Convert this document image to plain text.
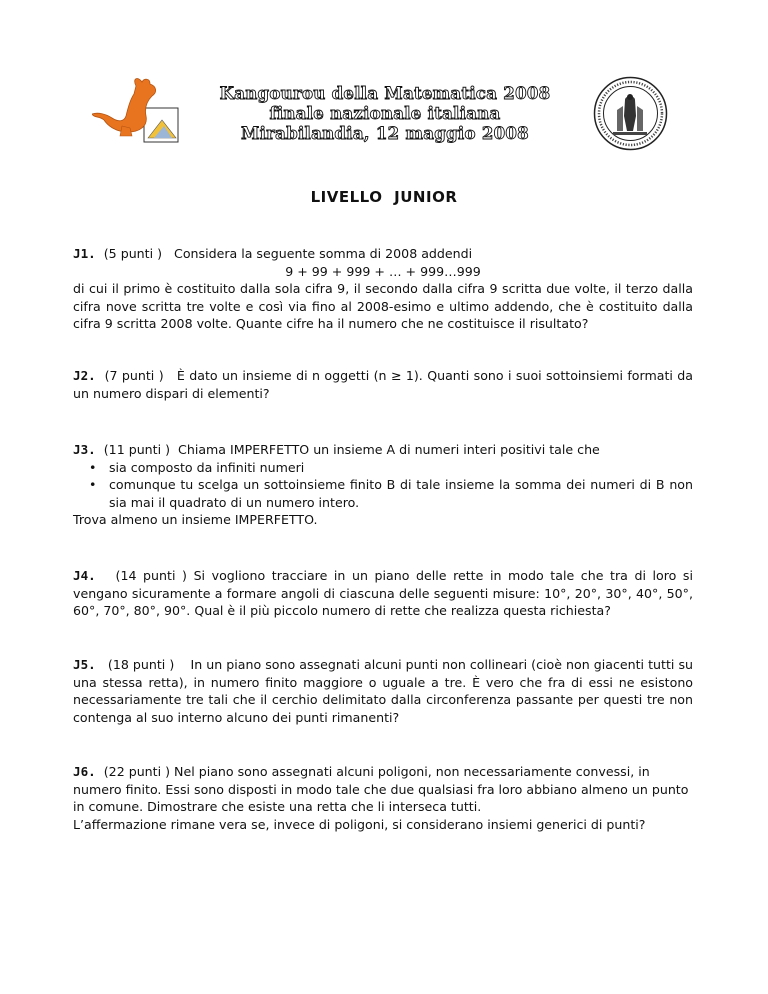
Kangourou della Matematica 2008
finale nazionale italiana
Mirabilandia, 12 maggio 2008
LIVELLO JUNIOR

J1. (5 punti ) Considera la seguente somma di 2008 addendi

9 + 99 + 999 + … + 999…999

di cui il primo è costituito dalla sola cifra 9, il secondo dalla cifra 9 scritta due volte, il terzo dalla cifra nove scritta tre volte e così via fino al 2008-esimo e ultimo addendo, che è costituito dalla cifra 9 scritta 2008 volte. Quante cifre ha il numero che ne costituisce il risultato?

J2. (7 punti ) È dato un insieme di n oggetti (n ≥ 1). Quanti sono i suoi sottoinsiemi formati da un numero dispari di elementi?

J3. (11 punti ) Chiama IMPERFETTO un insieme A di numeri interi positivi tale che

• sia composto da infiniti numeri
• comunque tu scelga un sottoinsieme finito B di tale insieme la somma dei numeri di B non sia mai il quadrato di un numero intero.

Trova almeno un insieme IMPERFETTO.

J4. (14 punti ) Si vogliono tracciare in un piano delle rette in modo tale che tra di loro si vengano sicuramente a formare angoli di ciascuna delle seguenti misure: 10°, 20°, 30°, 40°, 50°, 60°, 70°, 80°, 90°. Qual è il più piccolo numero di rette che realizza questa richiesta?
J5. (18 punti ) In un piano sono assegnati alcuni punti non collineari (cioè non giacenti tutti su una stessa retta), in numero finito maggiore o uguale a tre. È vero che fra di essi ne esistono necessariamente tre tali che il cerchio delimitato dalla circonferenza passante per questi tre non contenga al suo interno alcuno dei punti rimanenti?

J6. (22 punti ) Nel piano sono assegnati alcuni poligoni, non necessariamente convessi, in numero finito. Essi sono disposti in modo tale che due qualsiasi fra loro abbiano almeno un punto in comune. Dimostrare che esiste una retta che li interseca tutti.

L’affermazione rimane vera se, invece di poligoni, si considerano insiemi generici di punti?
